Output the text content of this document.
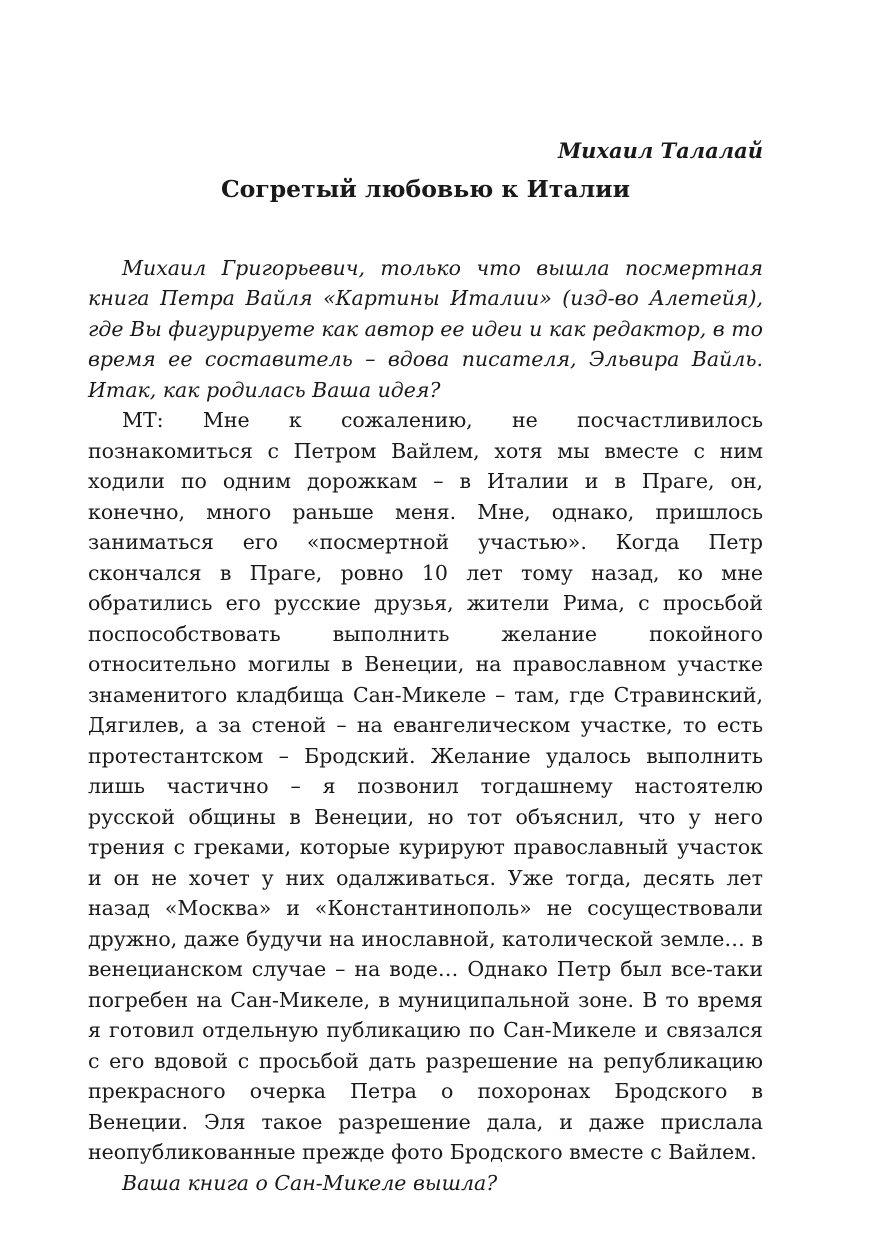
Михаил Талалай
Согретый любовью к Италии

Михаил Григорьевич, только что вышла посмертная книга Петра Вайля «Картины Италии» (изд-во Алетейя), где Вы фигурируете как автор ее идеи и как редактор, в то время ее составитель – вдова писателя, Эльвира Вайль. Итак, как родилась Ваша идея?

МТ: Мне к сожалению, не посчастливилось познакомиться с Петром Вайлем, хотя мы вместе с ним ходили по одним дорожкам – в Италии и в Праге, он, конечно, много раньше меня. Мне, однако, пришлось заниматься его «посмертной участью». Когда Петр скончался в Праге, ровно 10 лет тому назад, ко мне обратились его русские друзья, жители Рима, с просьбой поспособствовать выполнить желание покойного относительно могилы в Венеции, на православном участке знаменитого кладбища Сан-Микеле – там, где Стравинский, Дягилев, а за стеной – на евангелическом участке, то есть протестантском – Бродский. Желание удалось выполнить лишь частично – я позвонил тогдашнему настоятелю русской общины в Венеции, но тот объяснил, что у него трения с греками, которые курируют православный участок и он не хочет у них одалживаться. Уже тогда, десять лет назад «Москва» и «Константинополь» не сосуществовали дружно, даже будучи на инославной, католической земле… в венецианском случае – на воде… Однако Петр был все-таки погребен на Сан-Микеле, в муниципальной зоне. В то время я готовил отдельную публикацию по Сан-Микеле и связался с его вдовой с просьбой дать разрешение на републикацию прекрасного очерка Петра о похоронах Бродского в Венеции. Эля такое разрешение дала, и даже прислала неопубликованные прежде фото Бродского вместе с Вайлем.

Ваша книга о Сан-Микеле вышла?
